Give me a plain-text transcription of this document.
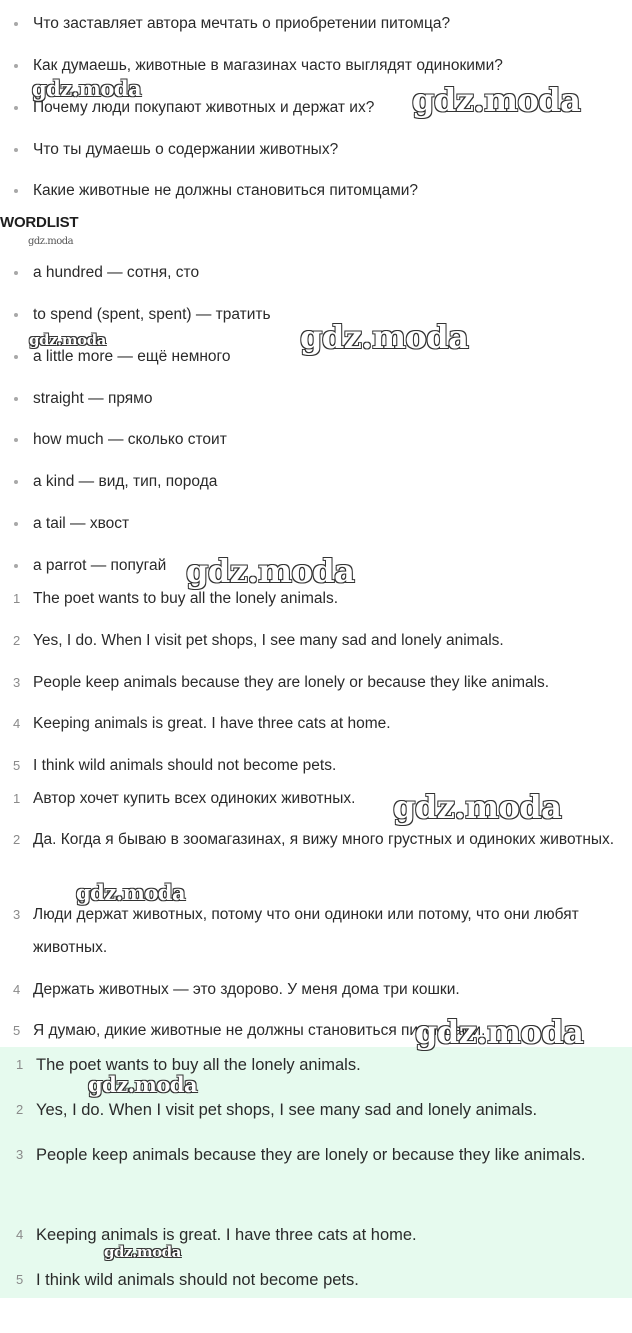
Что заставляет автора мечтать о приобретении питомца?
Как думаешь, животные в магазинах часто выглядят одинокими?
Почему люди покупают животных и держат их?
Что ты думаешь о содержании животных?
Какие животные не должны становиться питомцами?
WORDLIST
a hundred — сотня, сто
to spend (spent, spent) — тратить
a little more — ещё немного
straight — прямо
how much — сколько стоит
a kind — вид, тип, порода
a tail — хвост
a parrot — попугай
1 The poet wants to buy all the lonely animals.
2 Yes, I do. When I visit pet shops, I see many sad and lonely animals.
3 People keep animals because they are lonely or because they like animals.
4 Keeping animals is great. I have three cats at home.
5 I think wild animals should not become pets.
1 Автор хочет купить всех одиноких животных.
2 Да. Когда я бываю в зоомагазинах, я вижу много грустных и одиноких животных.
3 Люди держат животных, потому что они одиноки или потому, что они любят животных.
4 Держать животных — это здорово. У меня дома три кошки.
5 Я думаю, дикие животные не должны становиться питомцами.
1 The poet wants to buy all the lonely animals.
2 Yes, I do. When I visit pet shops, I see many sad and lonely animals.
3 People keep animals because they are lonely or because they like animals.
4 Keeping animals is great. I have three cats at home.
5 I think wild animals should not become pets.
gdz.moda	gdz.moda
gdz.moda
gdz.moda	gdz.moda
gdz.moda
gdz.moda
gdz.moda
gdz.moda
gdz.moda
gdz.moda
